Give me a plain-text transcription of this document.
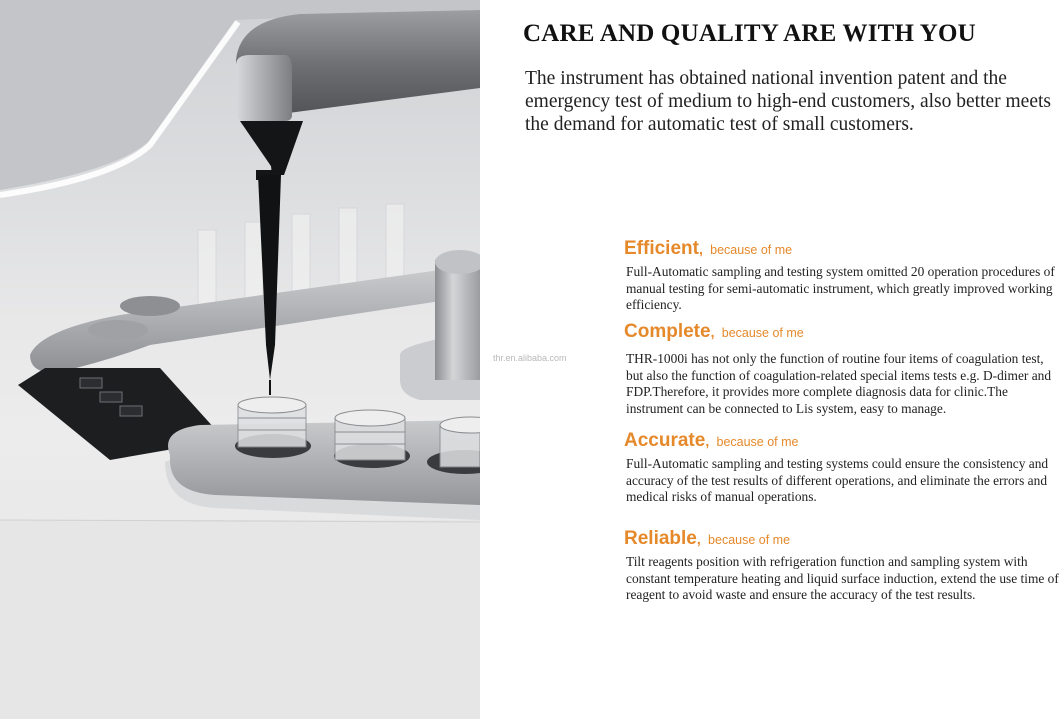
thr.en.alibaba.com
CARE AND QUALITY ARE WITH YOU

The instrument has obtained national invention patent and the emergency test of medium to high-end customers, also better meets the demand for automatic test of small customers.

Efficient, because of me

Full-Automatic sampling and testing system omitted 20 operation procedures of manual testing for semi-automatic instrument, which greatly improved working efficiency.

Complete, because of me

THR-1000i has not only the function of routine four items of coagulation test, but also the function of coagulation-related special items tests e.g. D-dimer and FDP.Therefore, it provides more complete diagnosis data for clinic.The instrument can be connected to Lis system, easy to manage.

Accurate, because of me

Full-Automatic sampling and testing systems could ensure the consistency and accuracy of the test results of different operations, and eliminate the errors and medical risks of manual operations.

Reliable, because of me

Tilt reagents position with refrigeration function and sampling system with constant temperature heating and liquid surface induction, extend the use time of reagent to avoid waste and ensure the accuracy of the test results.
